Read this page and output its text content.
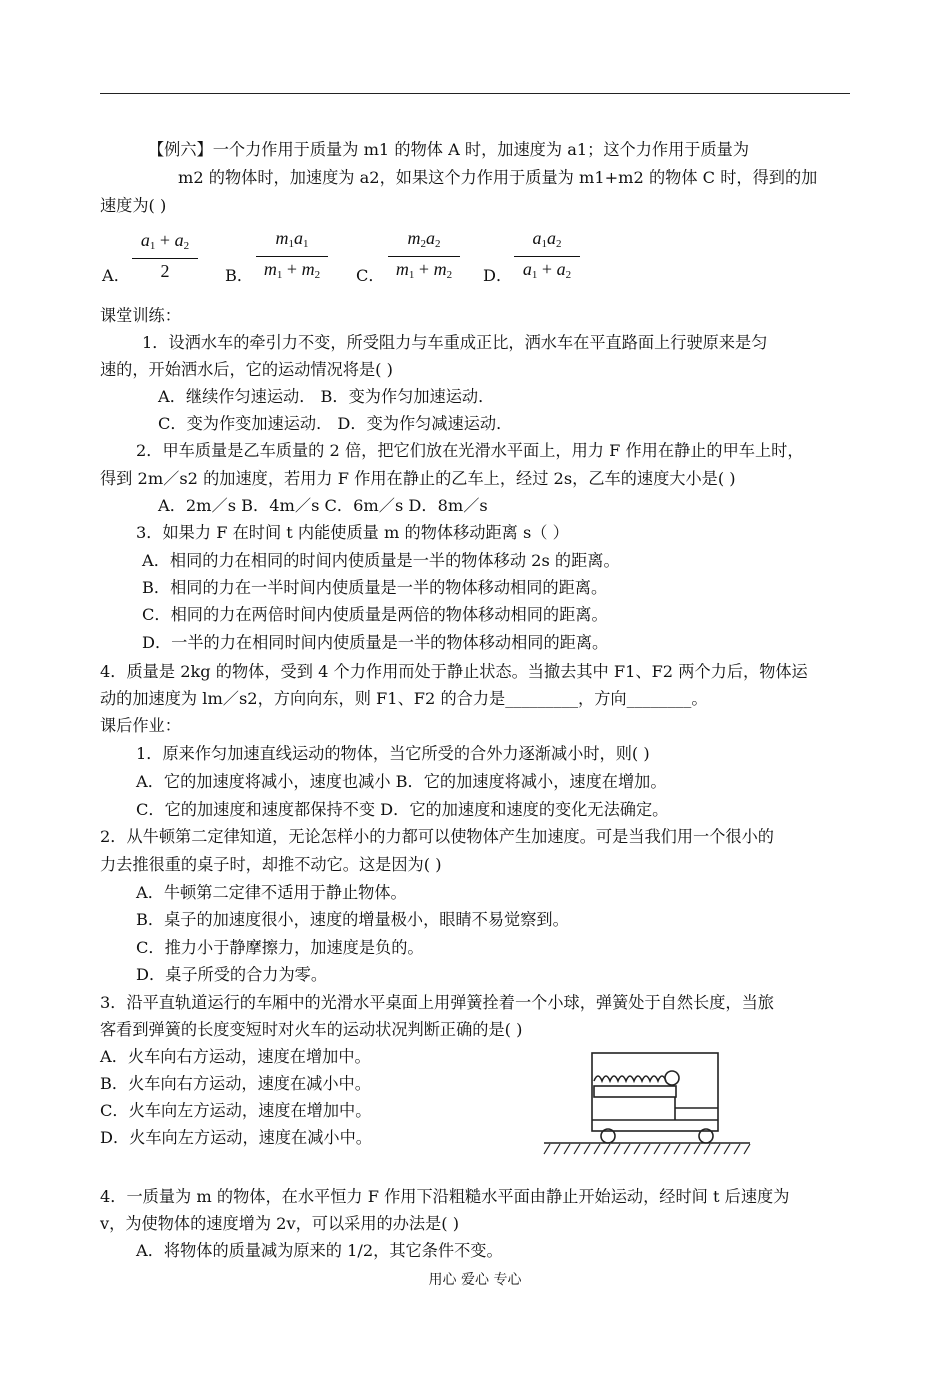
【例六】一个力作用于质量为 m1 的物体 A 时，加速度为 a1；这个力作用于质量为
m2 的物体时，加速度为 a2，如果这个力作用于质量为 m1+m2 的物体 C 时，得到的加
速度为( )
A．
$a_1 + a_2$
2	B．
$m_1a_1$
$m_1 + m_2$	C．
$m_2a_2$
$m_1 + m_2$	D．
$a_1a_2$
$a_1 + a_2$
课堂训练：
1．设洒水车的牵引力不变，所受阻力与车重成正比，洒水车在平直路面上行驶原来是匀
速的，开始洒水后，它的运动情况将是( )
A．继续作匀速运动． B．变为作匀加速运动．
C．变为作变加速运动． D．变为作匀减速运动．
2．甲车质量是乙车质量的 2 倍，把它们放在光滑水平面上，用力 F 作用在静止的甲车上时，
得到 2m／s2 的加速度，若用力 F 作用在静止的乙车上，经过 2s，乙车的速度大小是( )
A．2m／s B．4m／s C．6m／s D．8m／s
3．如果力 F 在时间 t 内能使质量 m 的物体移动距离 s（ ）
A．相同的力在相同的时间内使质量是一半的物体移动 2s 的距离。
B．相同的力在一半时间内使质量是一半的物体移动相同的距离。
C．相同的力在两倍时间内使质量是两倍的物体移动相同的距离。
D．一半的力在相同时间内使质量是一半的物体移动相同的距离。
4．质量是 2kg 的物体，受到 4 个力作用而处于静止状态。当撤去其中 F1、F2 两个力后，物体运
动的加速度为 lm／s2，方向向东，则 F1、F2 的合力是_________，方向________。
课后作业：
1．原来作匀加速直线运动的物体，当它所受的合外力逐渐减小时，则( )
A．它的加速度将减小，速度也减小 B．它的加速度将减小，速度在增加。
C．它的加速度和速度都保持不变 D．它的加速度和速度的变化无法确定。
2．从牛顿第二定律知道，无论怎样小的力都可以使物体产生加速度。可是当我们用一个很小的
力去推很重的桌子时，却推不动它。这是因为( )
A．牛顿第二定律不适用于静止物体。
B．桌子的加速度很小，速度的增量极小，眼睛不易觉察到。
C．推力小于静摩擦力，加速度是负的。
D．桌子所受的合力为零。
3．沿平直轨道运行的车厢中的光滑水平桌面上用弹簧拴着一个小球，弹簧处于自然长度，当旅
客看到弹簧的长度变短时对火车的运动状况判断正确的是( )
A．火车向右方运动，速度在增加中。
B．火车向右方运动，速度在减小中。
C．火车向左方运动，速度在增加中。
D．火车向左方运动，速度在减小中。
4．一质量为 m 的物体，在水平恒力 F 作用下沿粗糙水平面由静止开始运动，经时间 t 后速度为
v，为使物体的速度增为 2v，可以采用的办法是( )
A．将物体的质量减为原来的 1/2，其它条件不变。
用心 爱心 专心
